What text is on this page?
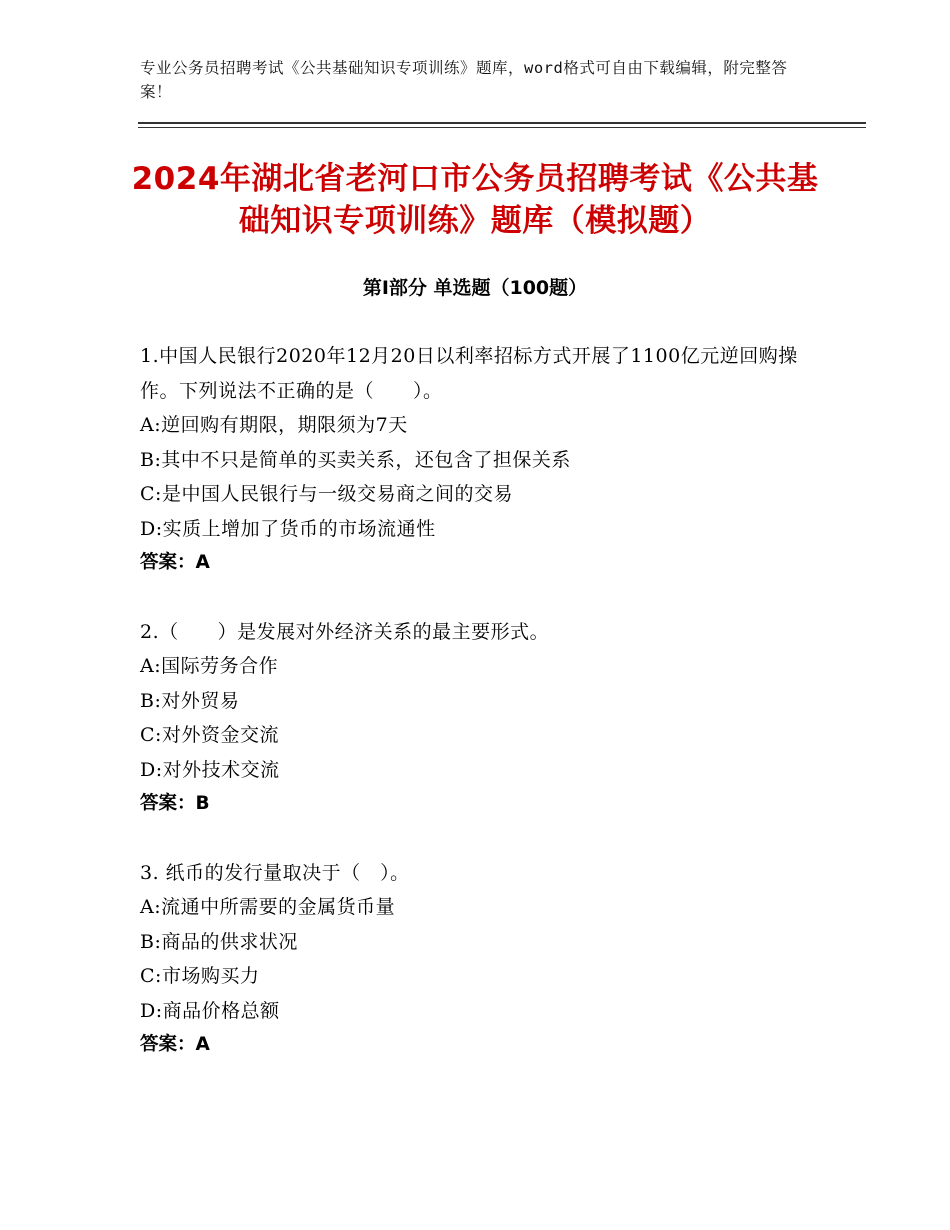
专业公务员招聘考试《公共基础知识专项训练》题库，word格式可自由下载编辑，附完整答案！
2024年湖北省老河口市公务员招聘考试《公共基础知识专项训练》题库（模拟题）
第I部分 单选题（100题）
1.中国人民银行2020年12月20日以利率招标方式开展了1100亿元逆回购操作。下列说法不正确的是（　　）。
A:逆回购有期限，期限须为7天
B:其中不只是简单的买卖关系，还包含了担保关系
C:是中国人民银行与一级交易商之间的交易
D:实质上增加了货币的市场流通性
答案：A
2.（　　）是发展对外经济关系的最主要形式。
A:国际劳务合作
B:对外贸易
C:对外资金交流
D:对外技术交流
答案：B
3. 纸币的发行量取决于（　）。
A:流通中所需要的金属货币量
B:商品的供求状况
C:市场购买力
D:商品价格总额
答案：A
